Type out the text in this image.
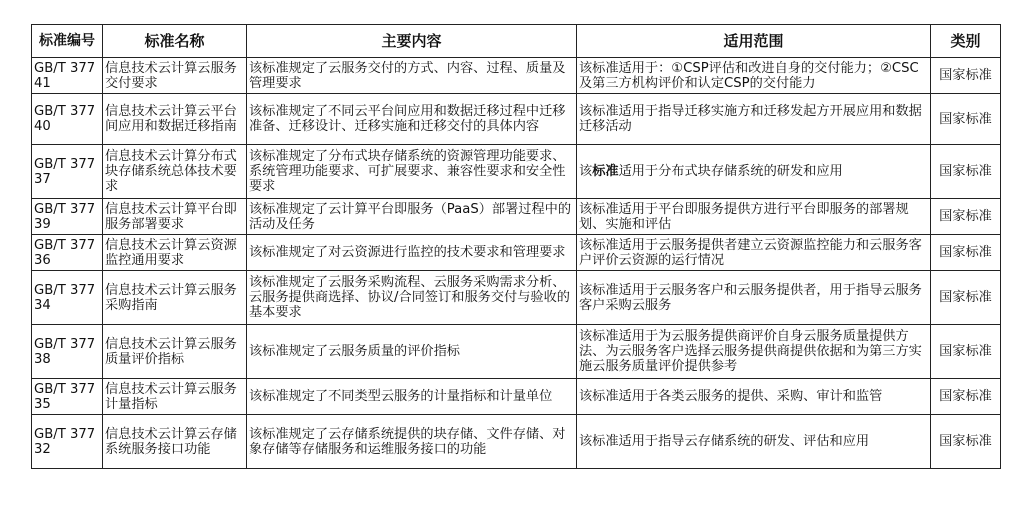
标准编号	标准名称	主要内容	适用范围	类别
GB/T 37741	信息技术云计算云服务交付要求	该标准规定了云服务交付的方式、内容、过程、质量及管理要求	该标准适用于：①CSP评估和改进自身的交付能力；②CSC及第三方机构评价和认定CSP的交付能力	国家标准
GB/T 37740	信息技术云计算云平台间应用和数据迁移指南	该标准规定了不同云平台间应用和数据迁移过程中迁移准备、迁移设计、迁移实施和迁移交付的具体内容	该标准适用于指导迁移实施方和迁移发起方开展应用和数据迁移活动	国家标准
GB/T 37737	信息技术云计算分布式块存储系统总体技术要求	该标准规定了分布式块存储系统的资源管理功能要求、系统管理功能要求、可扩展要求、兼容性要求和安全性要求	该标准适用于分布式块存储系统的研发和应用	国家标准
GB/T 37739	信息技术云计算平台即服务部署要求	该标准规定了云计算平台即服务（PaaS）部署过程中的活动及任务	该标准适用于平台即服务提供方进行平台即服务的部署规划、实施和评估	国家标准
GB/T 37736	信息技术云计算云资源监控通用要求	该标准规定了对云资源进行监控的技术要求和管理要求	该标准适用于云服务提供者建立云资源监控能力和云服务客户评价云资源的运行情况	国家标准
GB/T 37734	信息技术云计算云服务采购指南	该标准规定了云服务采购流程、云服务采购需求分析、云服务提供商选择、协议/合同签订和服务交付与验收的基本要求	该标准适用于云服务客户和云服务提供者，用于指导云服务客户采购云服务	国家标准
GB/T 37738	信息技术云计算云服务质量评价指标	该标准规定了云服务质量的评价指标	该标准适用于为云服务提供商评价自身云服务质量提供方法、为云服务客户选择云服务提供商提供依据和为第三方实施云服务质量评价提供参考	国家标准
GB/T 37735	信息技术云计算云服务计量指标	该标准规定了不同类型云服务的计量指标和计量单位	该标准适用于各类云服务的提供、采购、审计和监管	国家标准
GB/T 37732	信息技术云计算云存储系统服务接口功能	该标准规定了云存储系统提供的块存储、文件存储、对象存储等存储服务和运维服务接口的功能	该标准适用于指导云存储系统的研发、评估和应用	国家标准
